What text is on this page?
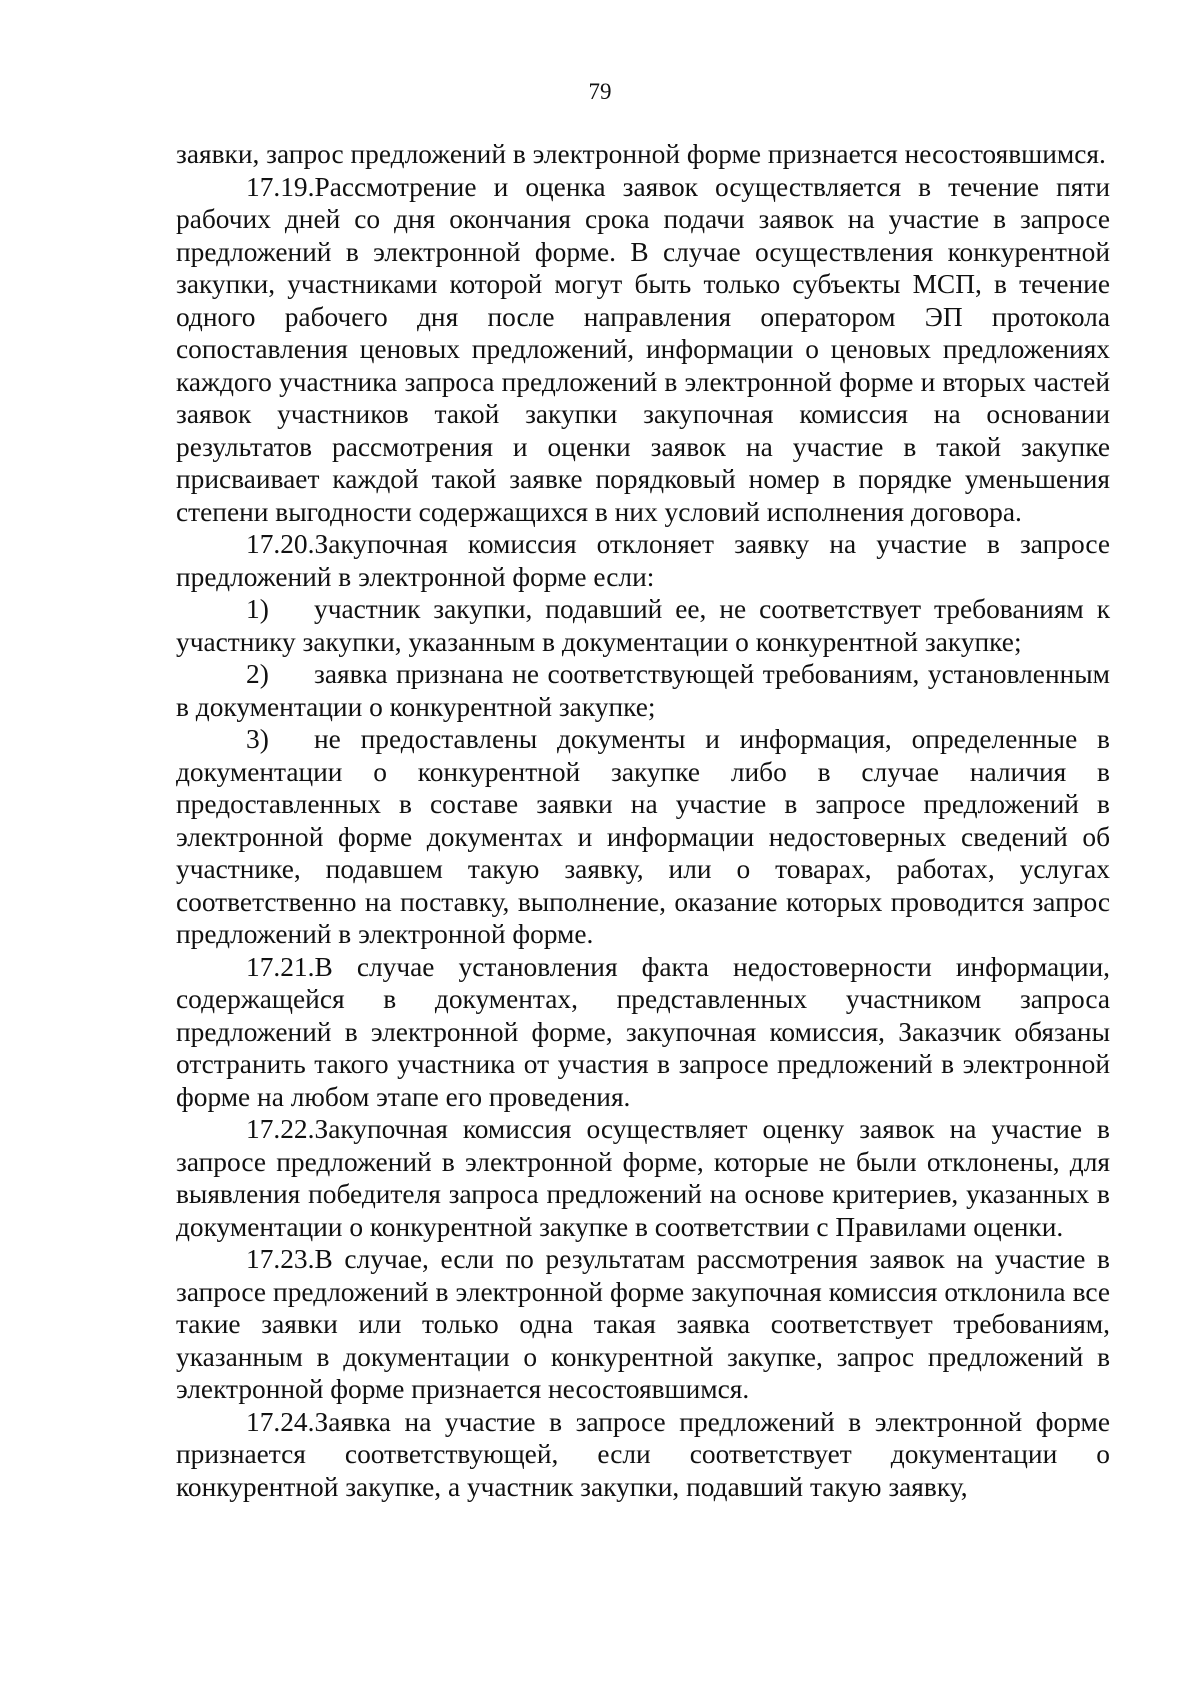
79

заявки, запрос предложений в электронной форме признается несостоявшимся.

17.19.Рассмотрение и оценка заявок осуществляется в течение пяти рабочих дней со дня окончания срока подачи заявок на участие в запросе предложений в электронной форме. В случае осуществления конкурентной закупки, участниками которой могут быть только субъекты МСП, в течение одного рабочего дня после направления оператором ЭП протокола сопоставления ценовых предложений, информации о ценовых предложениях каждого участника запроса предложений в электронной форме и вторых частей заявок участников такой закупки закупочная комиссия на основании результатов рассмотрения и оценки заявок на участие в такой закупке присваивает каждой такой заявке порядковый номер в порядке уменьшения степени выгодности содержащихся в них условий исполнения договора.

17.20.Закупочная комиссия отклоняет заявку на участие в запросе предложений в электронной форме если:

1) участник закупки, подавший ее, не соответствует требованиям к участнику закупки, указанным в документации о конкурентной закупке;

2) заявка признана не соответствующей требованиям, установленным в документации о конкурентной закупке;

3) не предоставлены документы и информация, определенные в документации о конкурентной закупке либо в случае наличия в предоставленных в составе заявки на участие в запросе предложений в электронной форме документах и информации недостоверных сведений об участнике, подавшем такую заявку, или о товарах, работах, услугах соответственно на поставку, выполнение, оказание которых проводится запрос предложений в электронной форме.

17.21.В случае установления факта недостоверности информации, содержащейся в документах, представленных участником запроса предложений в электронной форме, закупочная комиссия, Заказчик обязаны отстранить такого участника от участия в запросе предложений в электронной форме на любом этапе его проведения.

17.22.Закупочная комиссия осуществляет оценку заявок на участие в запросе предложений в электронной форме, которые не были отклонены, для выявления победителя запроса предложений на основе критериев, указанных в документации о конкурентной закупке в соответствии с Правилами оценки.

17.23.В случае, если по результатам рассмотрения заявок на участие в запросе предложений в электронной форме закупочная комиссия отклонила все такие заявки или только одна такая заявка соответствует требованиям, указанным в документации о конкурентной закупке, запрос предложений в электронной форме признается несостоявшимся.

17.24.Заявка на участие в запросе предложений в электронной форме признается соответствующей, если соответствует документации о конкурентной закупке, а участник закупки, подавший такую заявку,
